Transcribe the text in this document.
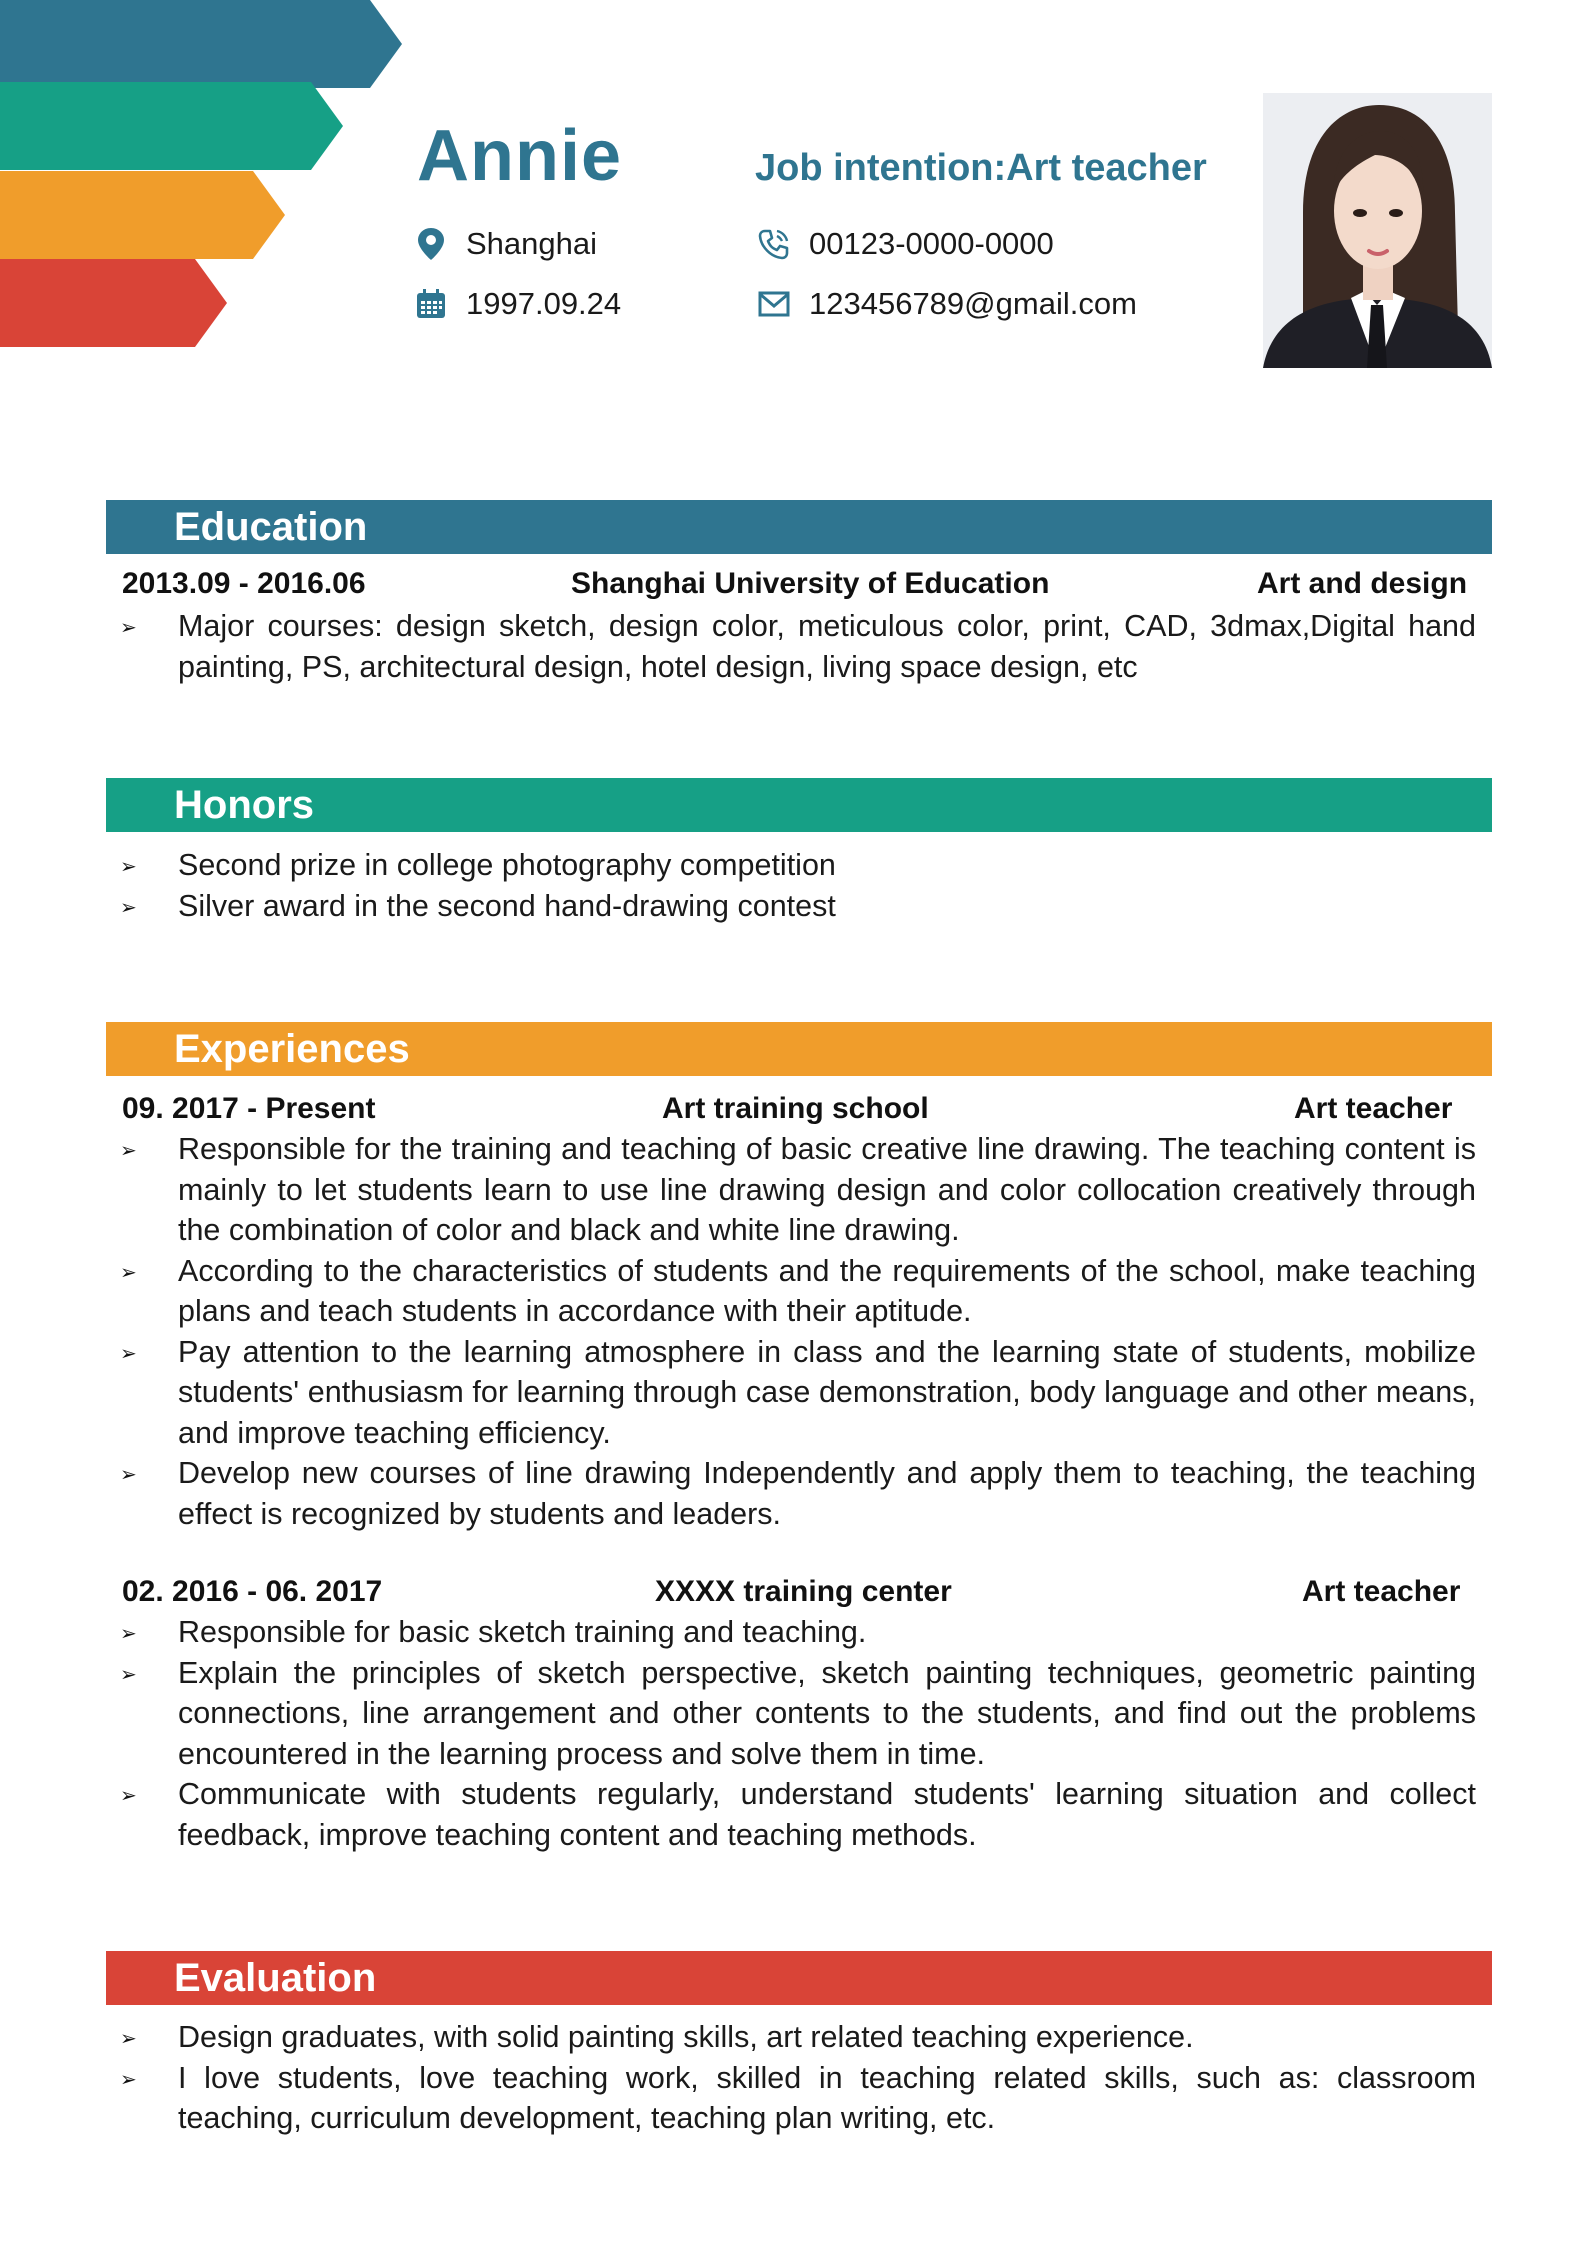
Annie	Job intention:Art teacher
Shanghai
1997.09.24
00123-0000-0000
123456789@gmail.com
Education
2013.09 - 2016.06	Shanghai University of Education	Art and design
➢ Major courses: design sketch, design color, meticulous color, print, CAD, 3dmax,Digital hand painting, PS, architectural design, hotel design, living space design, etc
Honors
➢ Second prize in college photography competition
➢ Silver award in the second hand-drawing contest
Experiences
09. 2017 - Present	Art training school	Art teacher
➢ Responsible for the training and teaching of basic creative line drawing. The teaching content is mainly to let students learn to use line drawing design and color collocation creatively through the combination of color and black and white line drawing.
➢ According to the characteristics of students and the requirements of the school, make teaching plans and teach students in accordance with their aptitude.
➢ Pay attention to the learning atmosphere in class and the learning state of students, mobilize students' enthusiasm for learning through case demonstration, body language and other means, and improve teaching efficiency.
➢ Develop new courses of line drawing Independently and apply them to teaching, the teaching effect is recognized by students and leaders.
02. 2016 - 06. 2017	XXXX training center	Art teacher
➢ Responsible for basic sketch training and teaching.
➢ Explain the principles of sketch perspective, sketch painting techniques, geometric painting connections, line arrangement and other contents to the students, and find out the problems encountered in the learning process and solve them in time.
➢ Communicate with students regularly, understand students' learning situation and collect feedback, improve teaching content and teaching methods.
Evaluation
➢ Design graduates, with solid painting skills, art related teaching experience.
➢ I love students, love teaching work, skilled in teaching related skills, such as: classroom teaching, curriculum development, teaching plan writing, etc.
